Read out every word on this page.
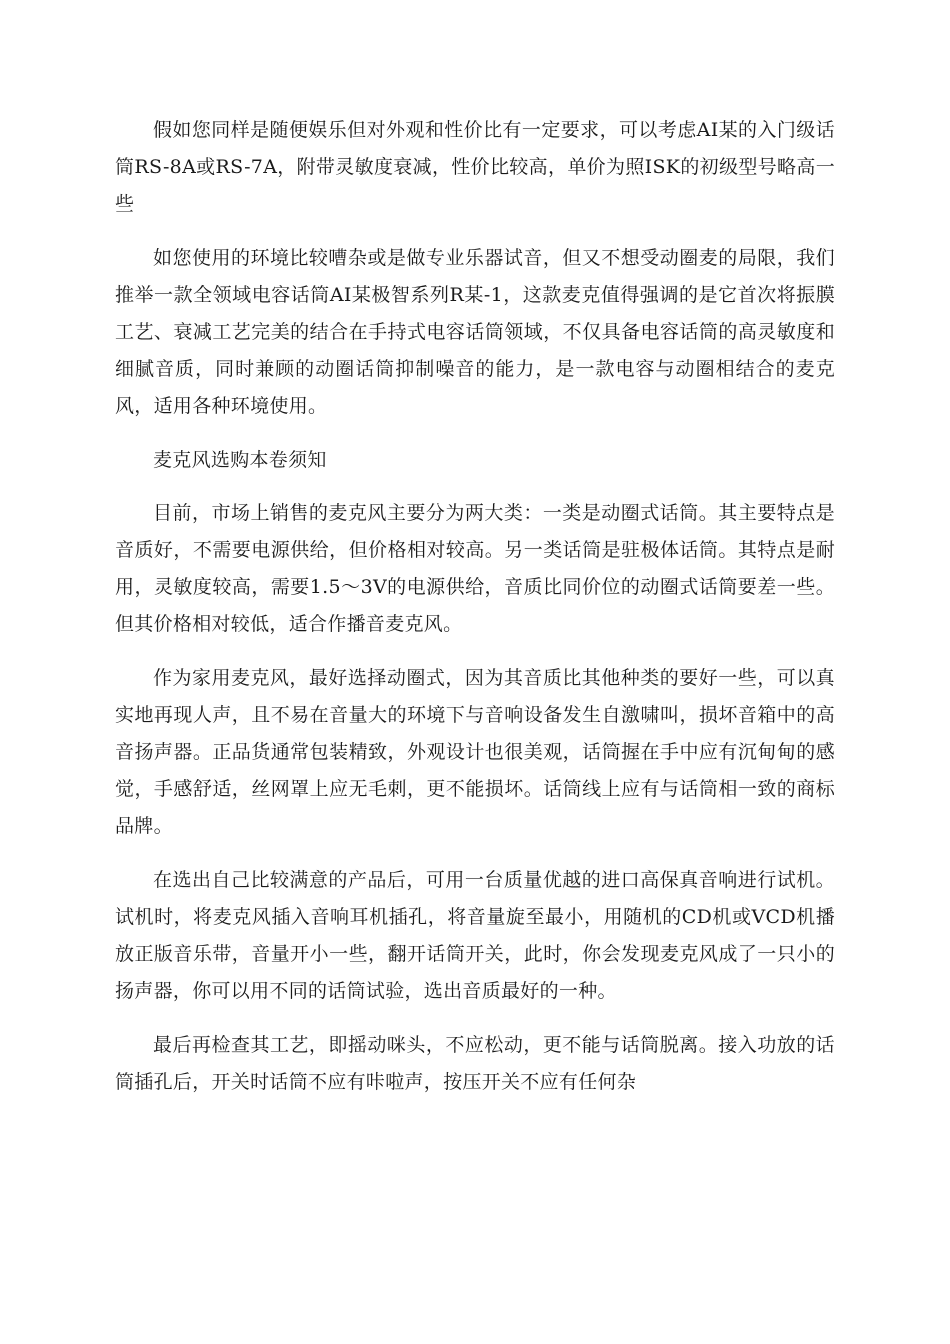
假如您同样是随便娱乐但对外观和性价比有一定要求，可以考虑AI某的入门级话筒RS-8A或RS-7A，附带灵敏度衰减，性价比较高，单价为照ISK的初级型号略高一些

如您使用的环境比较嘈杂或是做专业乐器试音，但又不想受动圈麦的局限，我们推举一款全领域电容话筒AI某极智系列R某-1，这款麦克值得强调的是它首次将振膜工艺、衰减工艺完美的结合在手持式电容话筒领域，不仅具备电容话筒的高灵敏度和细腻音质，同时兼顾的动圈话筒抑制噪音的能力，是一款电容与动圈相结合的麦克风，适用各种环境使用。

麦克风选购本卷须知

目前，市场上销售的麦克风主要分为两大类：一类是动圈式话筒。其主要特点是音质好，不需要电源供给，但价格相对较高。另一类话筒是驻极体话筒。其特点是耐用，灵敏度较高，需要1.5～3V的电源供给，音质比同价位的动圈式话筒要差一些。但其价格相对较低，适合作播音麦克风。

作为家用麦克风，最好选择动圈式，因为其音质比其他种类的要好一些，可以真实地再现人声，且不易在音量大的环境下与音响设备发生自激啸叫，损坏音箱中的高音扬声器。正品货通常包装精致，外观设计也很美观，话筒握在手中应有沉甸甸的感觉，手感舒适，丝网罩上应无毛刺，更不能损坏。话筒线上应有与话筒相一致的商标品牌。

在选出自己比较满意的产品后，可用一台质量优越的进口高保真音响进行试机。试机时，将麦克风插入音响耳机插孔，将音量旋至最小，用随机的CD机或VCD机播放正版音乐带，音量开小一些，翻开话筒开关，此时，你会发现麦克风成了一只小的扬声器，你可以用不同的话筒试验，选出音质最好的一种。

最后再检查其工艺，即摇动咪头，不应松动，更不能与话筒脱离。接入功放的话筒插孔后，开关时话筒不应有咔啦声，按压开关不应有任何杂
